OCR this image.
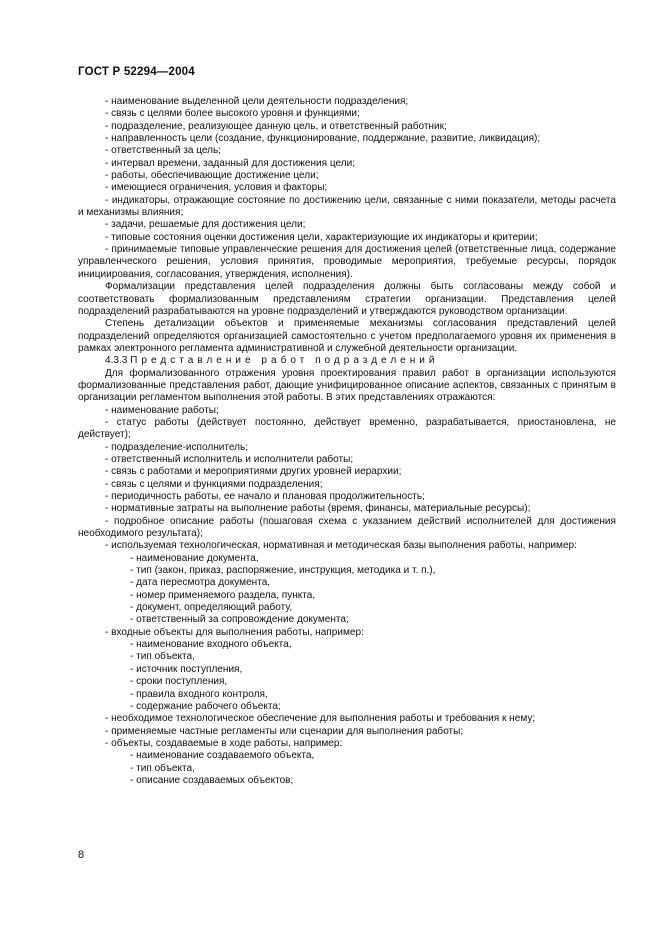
ГОСТ Р 52294—2004

- наименование выделенной цели деятельности подразделения;

- связь с целями более высокого уровня и функциями;

- подразделение, реализующее данную цель, и ответственный работник;

- направленность цели (создание, функционирование, поддержание, развитие, ликвидация);

- ответственный за цель;

- интервал времени, заданный для достижения цели;

- работы, обеспечивающие достижение цели;

- имеющиеся ограничения, условия и факторы;

- индикаторы, отражающие состояние по достижению цели, связанные с ними показатели, методы расчета и механизмы влияния;

- задачи, решаемые для достижения цели;

- типовые состояния оценки достижения цели, характеризующие их индикаторы и критерии;

- принимаемые типовые управленческие решения для достижения целей (ответственные лица, содержание управленческого решения, условия принятия, проводимые мероприятия, требуемые ресурсы, порядок инициирования, согласования, утверждения, исполнения).

Формализации представления целей подразделения должны быть согласованы между собой и соответствовать формализованным представлениям стратегии организации. Представления целей подразделений разрабатываются на уровне подразделений и утверждаются руководством организации.

Степень детализации объектов и применяемые механизмы согласования представлений целей подразделений определяются организацией самостоятельно с учетом предполагаемого уровня их применения в рамках электронного регламента административной и служебной деятельности организации.

4.3.3 Представление работ подразделений

Для формализованного отражения уровня проектирования правил работ в организации используются формализованные представления работ, дающие унифицированное описание аспектов, связанных с принятым в организации регламентом выполнения этой работы. В этих представлениях отражаются:

- наименование работы;

- статус работы (действует постоянно, действует временно, разрабатывается, приостановлена, не действует);

- подразделение-исполнитель;

- ответственный исполнитель и исполнители работы;

- связь с работами и мероприятиями других уровней иерархии;

- связь с целями и функциями подразделения;

- периодичность работы, ее начало и плановая продолжительность;

- нормативные затраты на выполнение работы (время, финансы, материальные ресурсы);

- подробное описание работы (пошаговая схема с указанием действий исполнителей для достижения необходимого результата);

- используемая технологическая, нормативная и методическая базы выполнения работы, например:

- наименование документа,

- тип (закон, приказ, распоряжение, инструкция, методика и т. п.),

- дата пересмотра документа,

- номер применяемого раздела, пункта,

- документ, определяющий работу,

- ответственный за сопровождение документа;

- входные объекты для выполнения работы, например:

- наименование входного объекта,

- тип объекта,

- источник поступления,

- сроки поступления,

- правила входного контроля,

- содержание рабочего объекта;

- необходимое технологическое обеспечение для выполнения работы и требования к нему;

- применяемые частные регламенты или сценарии для выполнения работы;

- объекты, создаваемые в ходе работы, например:

- наименование создаваемого объекта,

- тип объекта,

- описание создаваемых объектов;

8
